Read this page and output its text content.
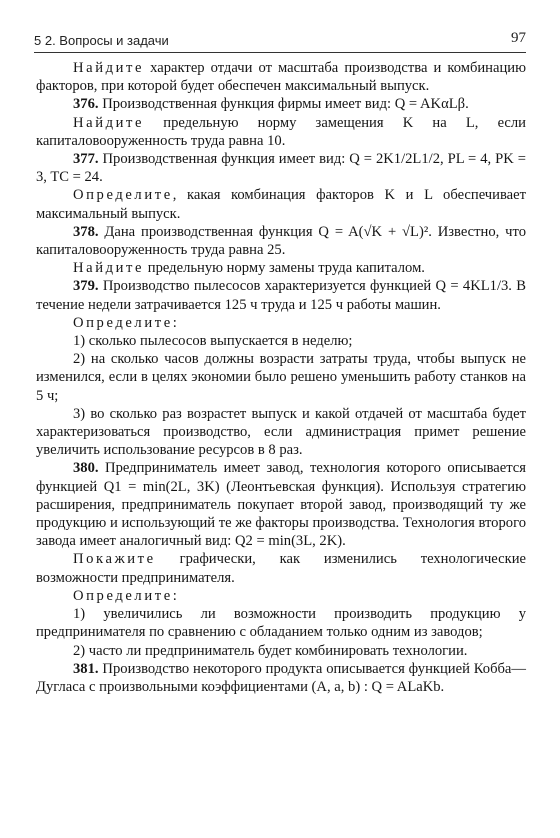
5 2. Вопросы и задачи	97

Найдите характер отдачи от масштаба производства и комбинацию факторов, при которой будет обеспечен максимальный выпуск.

376. Производственная функция фирмы имеет вид: Q = AKαLβ.

Найдите предельную норму замещения K на L, если капиталовооруженность труда равна 10.

377. Производственная функция имеет вид: Q = 2K1/2L1/2, PL = 4, PK = 3, TC = 24.

Определите, какая комбинация факторов K и L обеспечивает максимальный выпуск.

378. Дана производственная функция Q = A(√K + √L)². Известно, что капиталовооруженность труда равна 25.

Найдите предельную норму замены труда капиталом.

379. Производство пылесосов характеризуется функцией Q = 4KL1/3. В течение недели затрачивается 125 ч труда и 125 ч работы машин.

Определите:

1) сколько пылесосов выпускается в неделю;

2) на сколько часов должны возрасти затраты труда, чтобы выпуск не изменился, если в целях экономии было решено уменьшить работу станков на 5 ч;

3) во сколько раз возрастет выпуск и какой отдачей от масштаба будет характеризоваться производство, если администрация примет решение увеличить использование ресурсов в 8 раз.

380. Предприниматель имеет завод, технология которого описывается функцией Q1 = min(2L, 3K) (Леонтьевская функция). Используя стратегию расширения, предприниматель покупает второй завод, производящий ту же продукцию и использующий те же факторы производства. Технология второго завода имеет аналогичный вид: Q2 = min(3L, 2K).

Покажите графически, как изменились технологические возможности предпринимателя.

Определите:

1) увеличились ли возможности производить продукцию у предпринимателя по сравнению с обладанием только одним из заводов;

2) часто ли предприниматель будет комбинировать технологии.

381. Производство некоторого продукта описывается функцией Кобба—Дугласа с произвольными коэффициентами (A, a, b) : Q = ALaKb.
